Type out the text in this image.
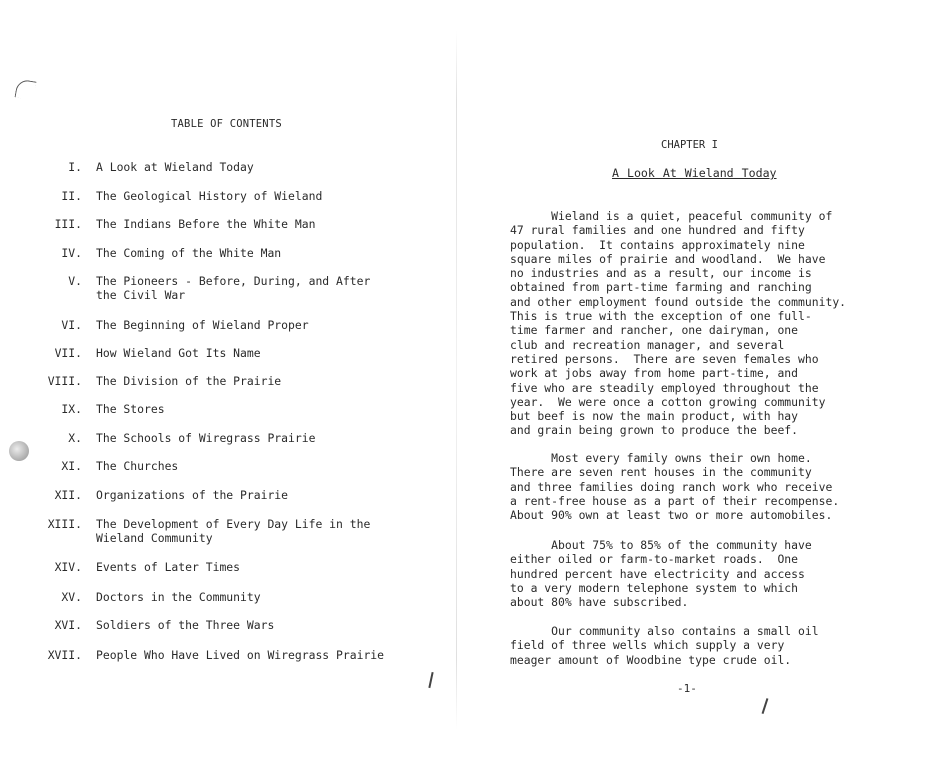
TABLE OF CONTENTS
I. A Look at Wieland Today
II. The Geological History of Wieland
III. The Indians Before the White Man
IV. The Coming of the White Man
V. The Pioneers - Before, During, and After the Civil War
VI. The Beginning of Wieland Proper
VII. How Wieland Got Its Name
VIII. The Division of the Prairie
IX. The Stores
X. The Schools of Wiregrass Prairie
XI. The Churches
XII. Organizations of the Prairie
XIII. The Development of Every Day Life in the Wieland Community
XIV. Events of Later Times
XV. Doctors in the Community
XVI. Soldiers of the Three Wars
XVII. People Who Have Lived on Wiregrass Prairie
CHAPTER I
A Look At Wieland Today
Wieland is a quiet, peaceful community of
47 rural families and one hundred and fifty
population.  It contains approximately nine
square miles of prairie and woodland.  We have
no industries and as a result, our income is
obtained from part-time farming and ranching
and other employment found outside the community.
This is true with the exception of one full-
time farmer and rancher, one dairyman, one
club and recreation manager, and several
retired persons.  There are seven females who
work at jobs away from home part-time, and
five who are steadily employed throughout the
year.  We were once a cotton growing community
but beef is now the main product, with hay
and grain being grown to produce the beef.
Most every family owns their own home.
There are seven rent houses in the community
and three families doing ranch work who receive
a rent-free house as a part of their recompense.
About 90% own at least two or more automobiles.
About 75% to 85% of the community have
either oiled or farm-to-market roads.  One
hundred percent have electricity and access
to a very modern telephone system to which
about 80% have subscribed.
Our community also contains a small oil
field of three wells which supply a very
meager amount of Woodbine type crude oil.
-1-
